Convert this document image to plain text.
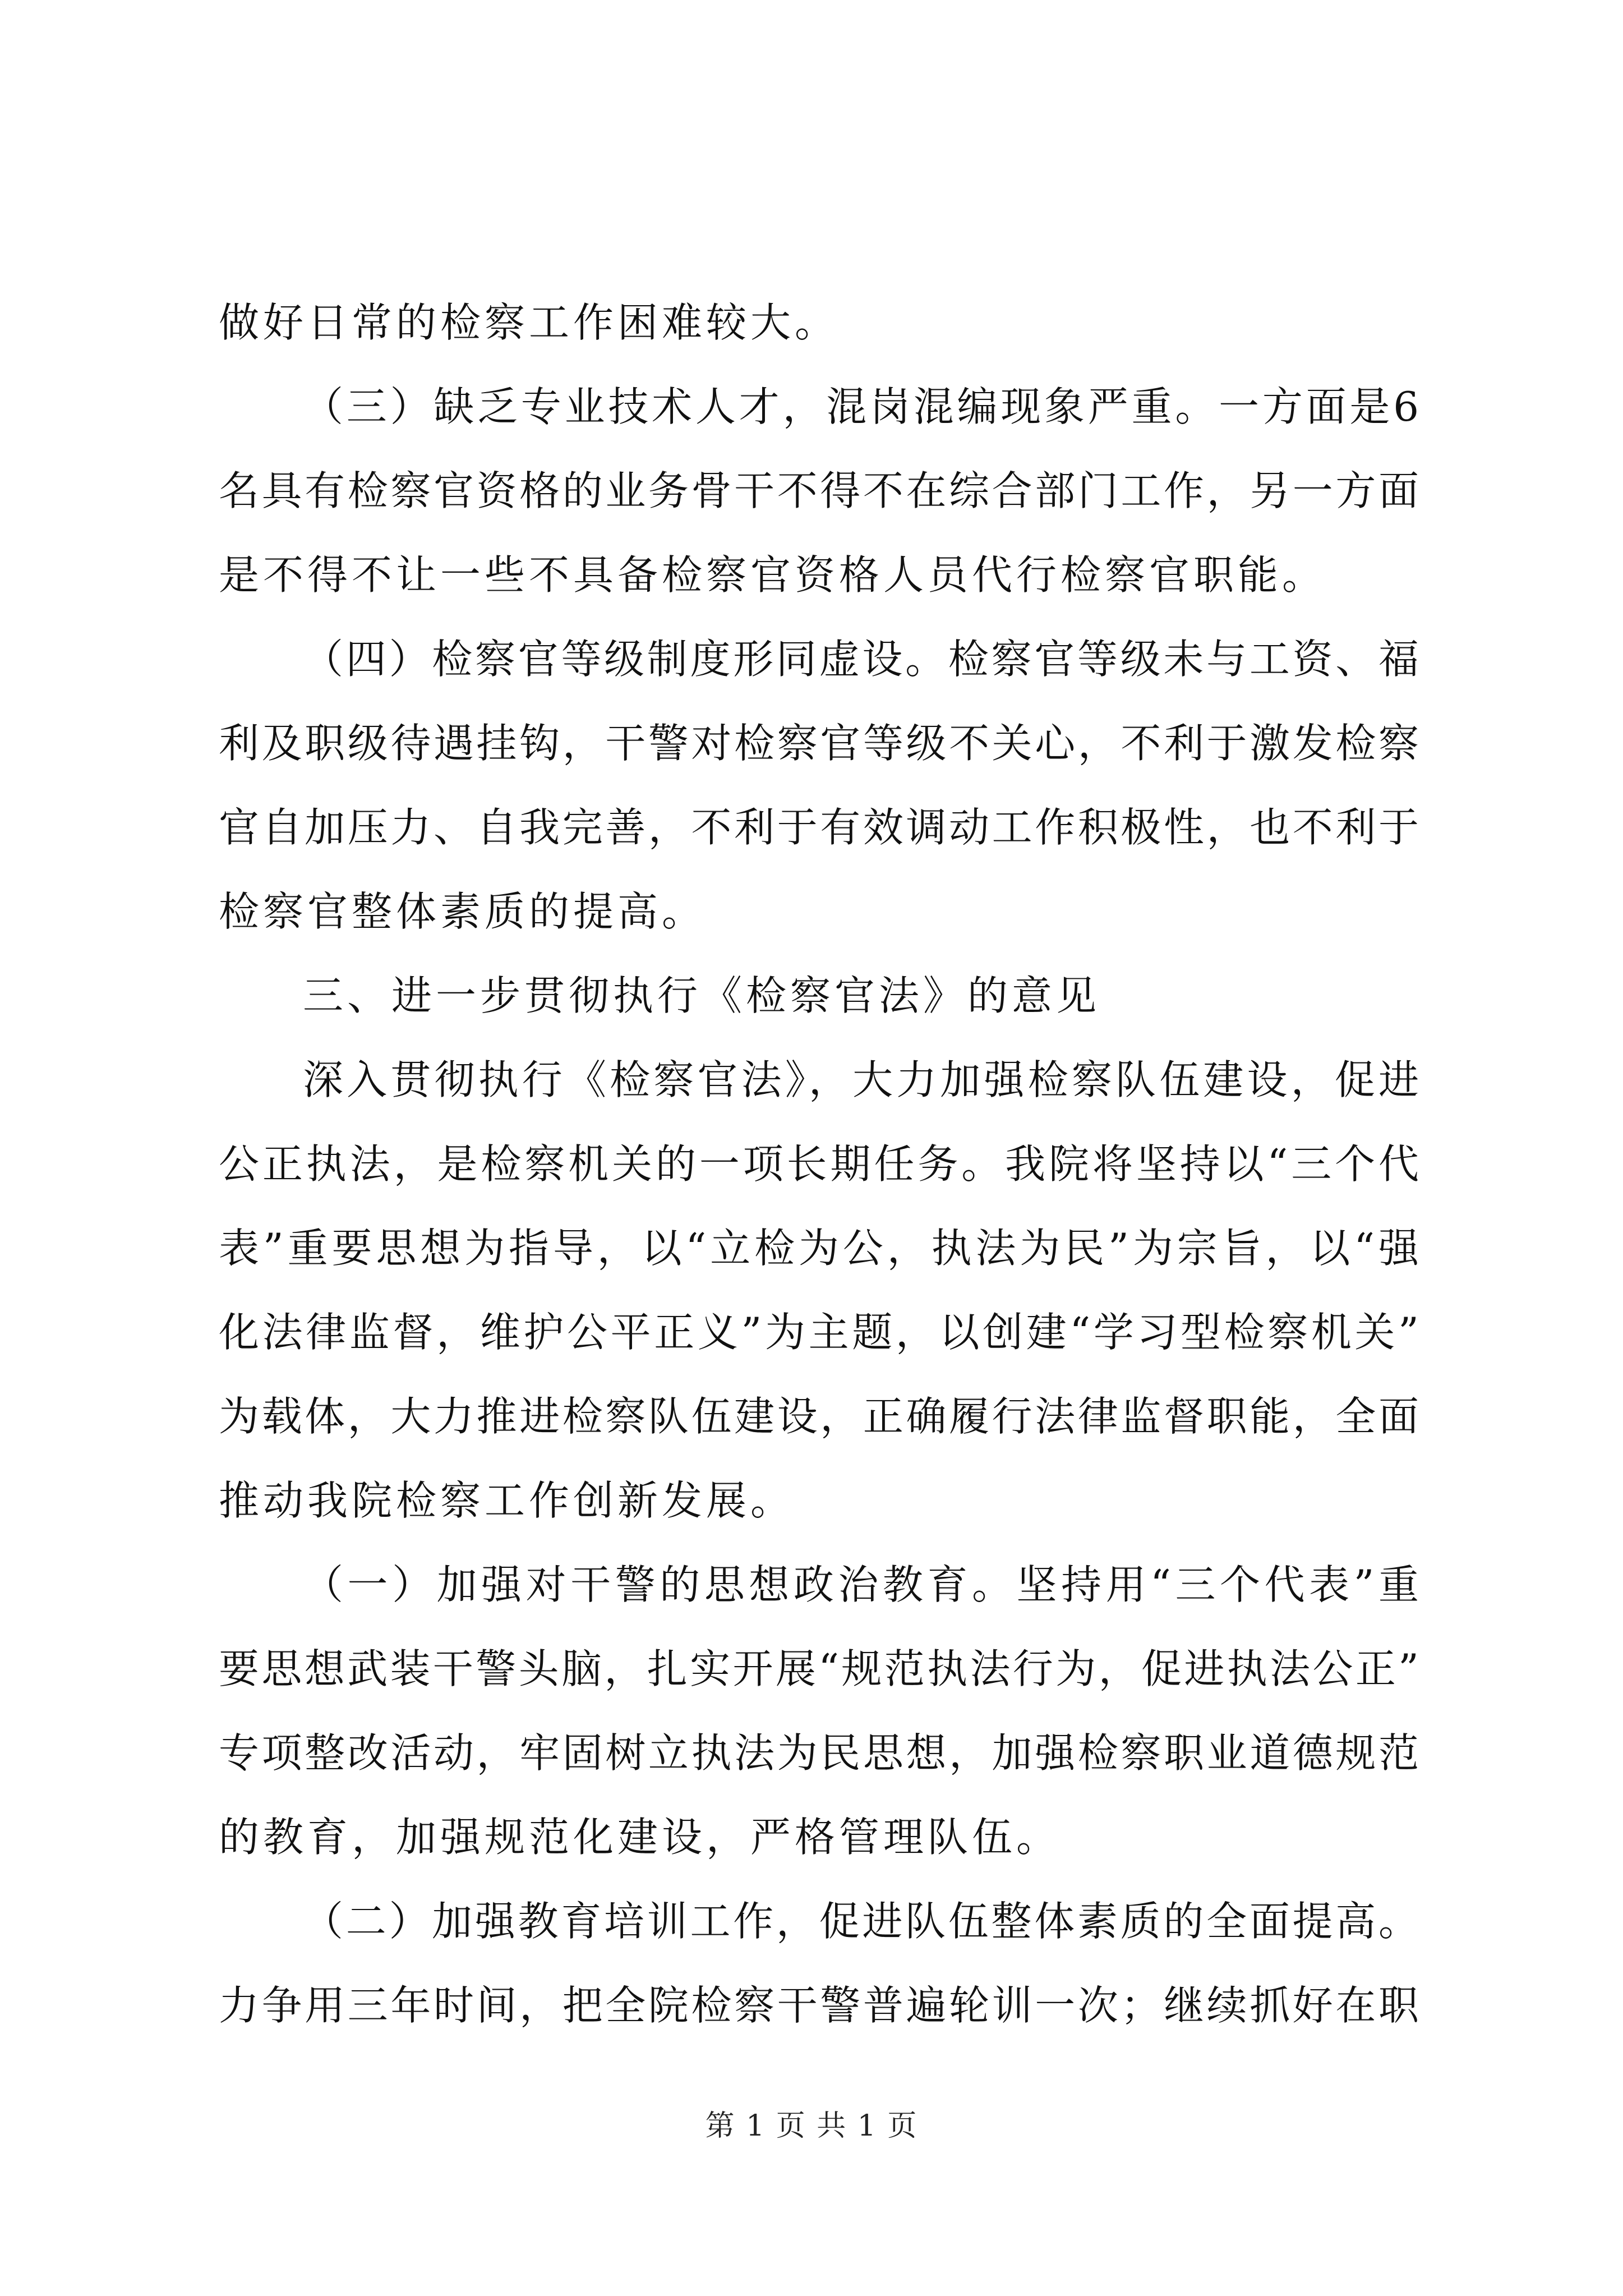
做好日常的检察工作困难较大。
（三）缺乏专业技术人才，混岗混编现象严重。一方面是6
名具有检察官资格的业务骨干不得不在综合部门工作，另一方面
是不得不让一些不具备检察官资格人员代行检察官职能。
（四）检察官等级制度形同虚设。检察官等级未与工资、福
利及职级待遇挂钩，干警对检察官等级不关心，不利于激发检察
官自加压力、自我完善，不利于有效调动工作积极性，也不利于
检察官整体素质的提高。
三、进一步贯彻执行《检察官法》的意见
深入贯彻执行《检察官法》，大力加强检察队伍建设，促进
公正执法，是检察机关的一项长期任务。我院将坚持以“三个代
表”重要思想为指导，以“立检为公，执法为民”为宗旨，以“强
化法律监督，维护公平正义”为主题，以创建“学习型检察机关”
为载体，大力推进检察队伍建设，正确履行法律监督职能，全面
推动我院检察工作创新发展。
（一）加强对干警的思想政治教育。坚持用“三个代表”重
要思想武装干警头脑，扎实开展“规范执法行为，促进执法公正”
专项整改活动，牢固树立执法为民思想，加强检察职业道德规范
的教育，加强规范化建设，严格管理队伍。
（二）加强教育培训工作，促进队伍整体素质的全面提高。
力争用三年时间，把全院检察干警普遍轮训一次；继续抓好在职
第 1 页 共 1 页
